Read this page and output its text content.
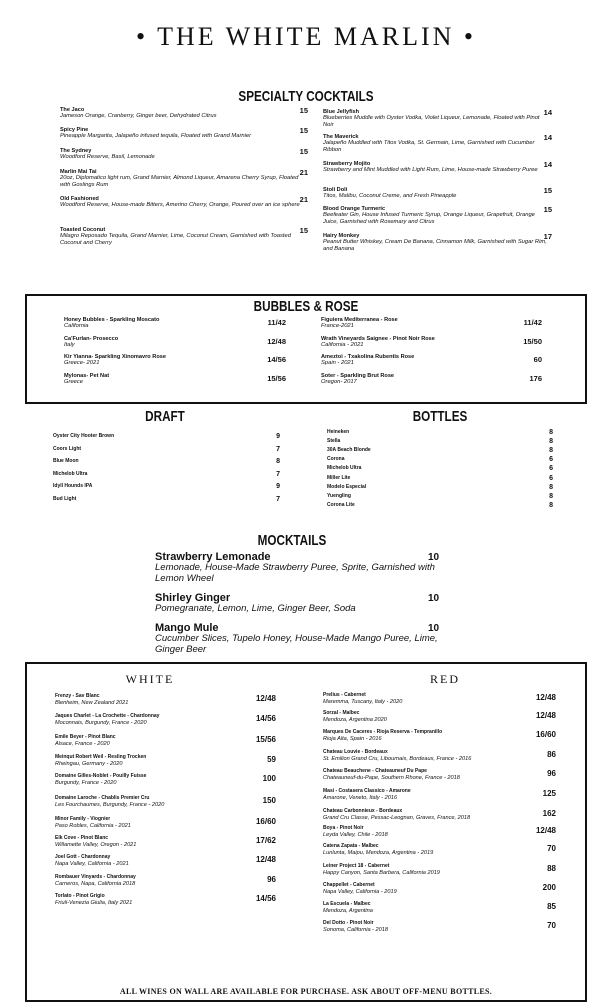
• THE WHITE MARLIN •
SPECIALTY COCKTAILS
The Jaco
Jameson Orange, Cranberry, Ginger beer, Dehydrated Citrus
15
Spicy Pine
Pineapple Margarita, Jalapeño infused tequila, Floated with Grand Marnier
15
The Sydney
Woodford Reserve, Basil, Lemonade
15
Marlin Mai Tai
20oz, Diplomatico light rum, Grand Marnier, Almond Liqueur, Amarena Cherry Syrup, Floated with Goslings Rum
21
Old Fashioned
Woodford Reserve, House-made Bitters, Amerino Cherry, Orange, Poured over an ice sphere
21
Toasted Coconut
Milagro Reposado Tequila, Grand Marnier, Lime, Coconut Cream, Garnished with Toasted Coconut and Cherry
15
Blue Jellyfish
Blueberries Muddle with Oyster Vodka, Violet Liqueur, Lemonade, Floated with Pinot Noir
14
The Maverick
Jalapeño Muddled with Titos Vodka, St. Germain, Lime, Garnished with Cucumber Ribbon
14
Strawberry Mojito
Strawberry and Mint Muddled with Light Rum, Lime, House-made Strawberry Puree
14
Stoli Doli
Titos, Malibu, Coconut Creme, and Fresh Pineapple
15
Blood Orange Turmeric
Beefeater Gin, House Infused Turmeric Syrup, Orange Liqueur, Grapefruit, Orange Juice, Garnished with Rosemary and Citrus
15
Hairy Monkey
Peanut Butter Whiskey, Cream De Banana, Cinnamon Milk, Garnished with Sugar Rim, and Banana
17
BUBBLES & ROSE
Honey Bubbles - Sparkling Moscato
California	11/42
Ca'Furlan- Prosecco
Italy	12/48
Kir Yianna- Sparkling Xinomavro Rose
Greece- 2021	14/56
Mylonas- Pet Nat
Greece	15/56
Figuiera Mediterranea - Rose
France-2021	11/42
Wrath Vineyards Saignee - Pinot Noir Rose
California - 2021	15/50
Ameztoi - Txakolina Rubentis Rose
Spain - 2021	60
Soter - Sparkling Brut Rose
Oregon- 2017	176
DRAFT	BOTTLES
Oyster City Hooter Brown	9
Coors Light	7
Blue Moon	8
Michelob Ultra	7
Idyll Hounds IPA	9
Bud Light	7
Heineken	8
Stella	8
30A Beach Blonde	8
Corona	6
Michelob Ultra	6
Miller Lite	6
Modelo Especial	8
Yuengling	8
Corona Lite	8
MOCKTAILS
Strawberry Lemonade
Lemonade, House-Made Strawberry Puree, Sprite, Garnished with Lemon Wheel
10
Shirley Ginger
Pomegranate, Lemon, Lime, Ginger Beer, Soda
10
Mango Mule
Cucumber Slices, Tupelo Honey, House-Made Mango Puree, Lime, Ginger Beer
10
WHITE	RED
Frenzy - Sav Blanc
Blenheim, New Zealand 2021	12/48
Jaques Charlet - La Crochette - Chardonnay
Moconnais, Burgundy, France - 2020	14/56
Emile Beyer - Pinot Blanc
Alsace, France - 2020	15/56
Meinqut Robert Weil - Resling Trocken
Rheingau, Germany - 2020	59
Domaine Gilles-Noblet - Pouilly Fuisse
Burgundy, France - 2020	100
Domaine Laroche - Chablis Premier Cru
Les Fourchaumes, Burgundy, France - 2020	150
Minor Family - Viognier
Paso Robles, California - 2021	16/60
Elk Cove - Pinot Blanc
Willamette Valley, Oregon - 2021	17/62
Joel Gott - Chardonnay
Napa Valley, California - 2021	12/48
Rombauer Vinyards - Chardonnay
Carneros, Napa, California 2018	96
Torlato - Pinot Grigio
Friuli-Venezia Giulia, Italy 2021	14/56
Prelius - Cabernet
Maremma, Tuscany, Italy - 2020	12/48
Sorzal - Malbec
Mendoza, Argentina 2020	12/48
Marques De Caceres - Rioja Reserva - Tempranillo
Rioja Alta, Spain - 2016	16/60
Chateau Louvie - Bordeaux
St. Emilion Grand Cru, Libournais, Bordeaux, France - 2016	86
Chateau Beauchene - Chateauneuf Du Pape
Chateauneuf-du-Pape, Southern Rhone, France - 2018	96
Masi - Costasera Classico - Amarone
Amarone, Veneto, Italy - 2016	125
Chateau Carbonnieux - Bordeaux
Grand Cru Classe, Pessac-Leognan, Graves, France, 2018	162
Boya - Pinot Noir
Leyda Valley, Chile - 2018	12/48
Catena Zapata - Malbec
Lunlunta, Maipu, Mendoza, Argentina - 2019	70
Leiner Project 18 - Cabernet
Happy Canyon, Santa Barbera, California 2019	88
Chappellet - Cabernet
Napa Valley, California - 2019	200
La Escuela - Malbec
Mendoza, Argentina	85
Del Dotto - Pinot Noir
Sonoma, California - 2018	70
ALL WINES ON WALL ARE AVAILABLE FOR PURCHASE. ASK ABOUT OFF-MENU BOTTLES.
